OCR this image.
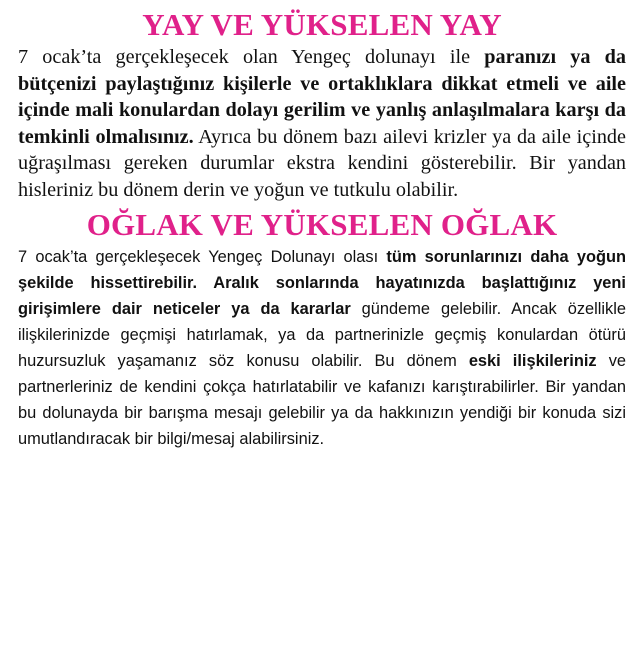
YAY VE YÜKSELEN YAY

7 ocak’ta gerçekleşecek olan Yengeç dolunayı ile paranızı ya da bütçenizi paylaştığınız kişilerle ve ortaklıklara dikkat etmeli ve aile içinde mali konulardan dolayı gerilim ve yanlış anlaşılmalara karşı da temkinli olmalısınız. Ayrıca bu dönem bazı ailevi krizler ya da aile içinde uğraşılması gereken durumlar ekstra kendini gösterebilir. Bir yandan hisleriniz bu dönem derin ve yoğun ve tutkulu olabilir.

OĞLAK VE YÜKSELEN OĞLAK

7 ocak’ta gerçekleşecek Yengeç Dolunayı olası tüm sorunlarınızı daha yoğun şekilde hissettirebilir. Aralık sonlarında hayatınızda başlattığınız yeni girişimlere dair neticeler ya da kararlar gündeme gelebilir. Ancak özellikle ilişkilerinizde geçmişi hatırlamak, ya da partnerinizle geçmiş konulardan ötürü huzursuzluk yaşamanız söz konusu olabilir. Bu dönem eski ilişkileriniz ve partnerleriniz de kendini çokça hatırlatabilir ve kafanızı karıştırabilirler. Bir yandan bu dolunayda bir barışma mesajı gelebilir ya da hakkınızın yendiği bir konuda sizi umutlandıracak bir bilgi/mesaj alabilirsiniz.
